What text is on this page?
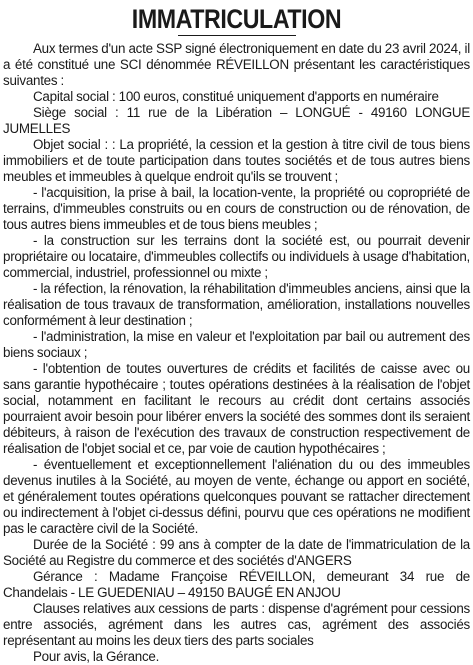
IMMATRICULATION

Aux termes d'un acte SSP signé électroniquement en date du 23 avril 2024, il a été constitué une SCI dénommée RÉVEILLON présentant les caractéristiques suivantes :

Capital social : 100 euros, constitué uniquement d'apports en numéraire

Siège social : 11 rue de la Libération – LONGUÉ - 49160 LONGUE JUMELLES

Objet social : : La propriété, la cession et la gestion à titre civil de tous biens immobiliers et de toute participation dans toutes sociétés et de tous autres biens meubles et immeubles à quelque endroit qu'ils se trouvent ;

- l'acquisition, la prise à bail, la location-vente, la propriété ou copropriété de terrains, d'immeubles construits ou en cours de construction ou de rénovation, de tous autres biens immeubles et de tous biens meubles ;

- la construction sur les terrains dont la société est, ou pourrait devenir propriétaire ou locataire, d'immeubles collectifs ou individuels à usage d'habitation, commercial, industriel, professionnel ou mixte ;

- la réfection, la rénovation, la réhabilitation d'immeubles anciens, ainsi que la réalisation de tous travaux de transformation, amélioration, installations nouvelles conformément à leur destination ;

- l'administration, la mise en valeur et l'exploitation par bail ou autrement des biens sociaux ;

- l'obtention de toutes ouvertures de crédits et facilités de caisse avec ou sans garantie hypothécaire ; toutes opérations destinées à la réalisation de l'objet social, notamment en facilitant le recours au crédit dont certains associés pourraient avoir besoin pour libérer envers la société des sommes dont ils seraient débiteurs, à raison de l'exécution des travaux de construction respectivement de réalisation de l'objet social et ce, par voie de caution hypothécaires ;

- éventuellement et exceptionnellement l'aliénation du ou des immeubles devenus inutiles à la Société, au moyen de vente, échange ou apport en société, et généralement toutes opérations quelconques pouvant se rattacher directement ou indirectement à l'objet ci-dessus défini, pourvu que ces opérations ne modifient pas le caractère civil de la Société.

Durée de la Société : 99 ans à compter de la date de l'immatriculation de la Société au Registre du commerce et des sociétés d'ANGERS

Gérance : Madame Françoise RÉVEILLON, demeurant 34 rue de Chandelais - LE GUEDENIAU – 49150 BAUGÉ EN ANJOU

Clauses relatives aux cessions de parts : dispense d'agrément pour cessions entre associés, agrément dans les autres cas, agrément des associés représentant au moins les deux tiers des parts sociales

Pour avis, la Gérance.
